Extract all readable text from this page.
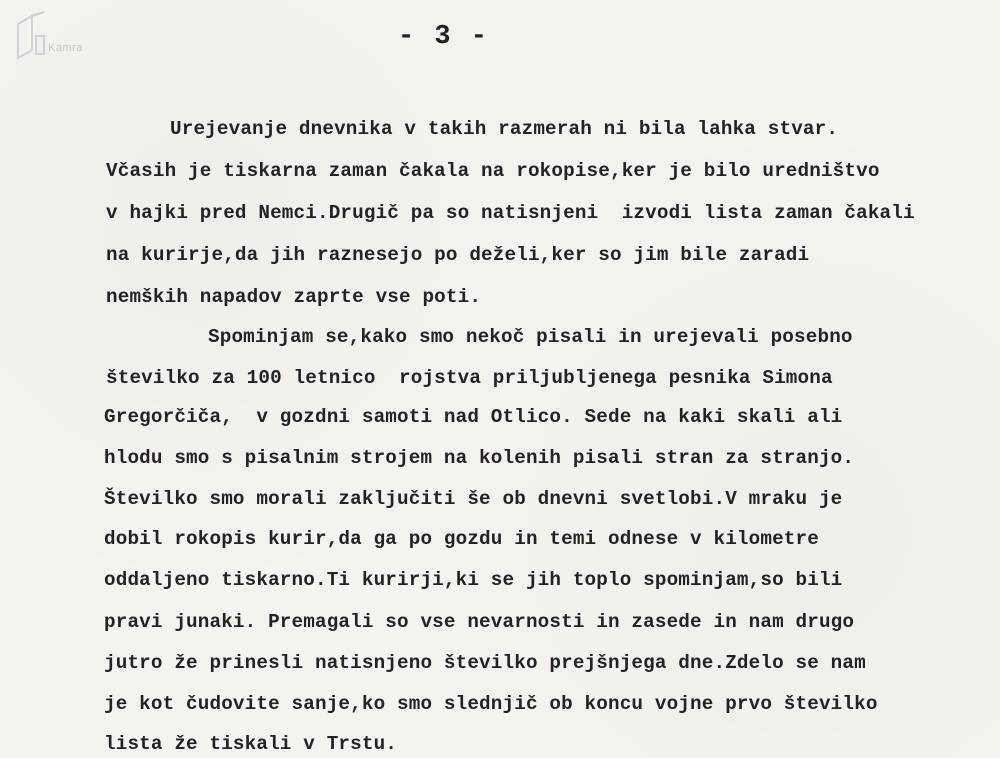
Kamra	- 3 -
Urejevanje dnevnika v takih razmerah ni bila lahka stvar.
Včasih je tiskarna zaman čakala na rokopise,ker je bilo uredništvo
v hajki pred Nemci.Drugič pa so natisnjeni  izvodi lista zaman čakali
na kurirje,da jih raznesejo po deželi,ker so jim bile zaradi
nemških napadov zaprte vse poti.
Spominjam se,kako smo nekoč pisali in urejevali posebno
številko za 100 letnico  rojstva priljubljenega pesnika Simona
Gregorčiča,  v gozdni samoti nad Otlico. Sede na kaki skali ali
hlodu smo s pisalnim strojem na kolenih pisali stran za stranjo.
Številko smo morali zaključiti še ob dnevni svetlobi.V mraku je
dobil rokopis kurir,da ga po gozdu in temi odnese v kilometre
oddaljeno tiskarno.Ti kurirji,ki se jih toplo spominjam,so bili
pravi junaki. Premagali so vse nevarnosti in zasede in nam drugo
jutro že prinesli natisnjeno številko prejšnjega dne.Zdelo se nam
je kot čudovite sanje,ko smo slednjič ob koncu vojne prvo številko
lista že tiskali v Trstu.
